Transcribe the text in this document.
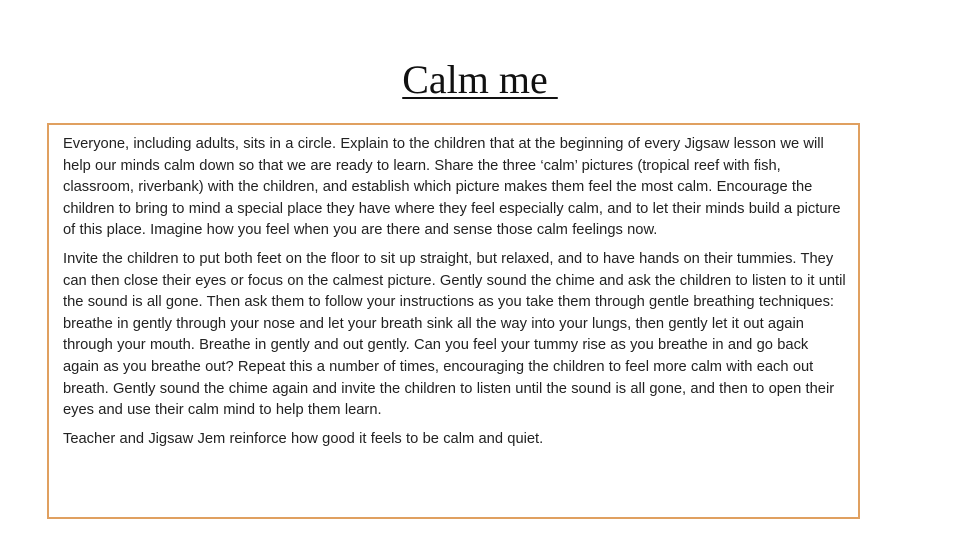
Calm me

Everyone, including adults, sits in a circle. Explain to the children that at the beginning of every Jigsaw lesson we will help our minds calm down so that we are ready to learn. Share the three ‘calm’ pictures (tropical reef with fish, classroom, riverbank) with the children, and establish which picture makes them feel the most calm. Encourage the children to bring to mind a special place they have where they feel especially calm, and to let their minds build a picture of this place. Imagine how you feel when you are there and sense those calm feelings now.

Invite the children to put both feet on the floor to sit up straight, but relaxed, and to have hands on their tummies. They can then close their eyes or focus on the calmest picture. Gently sound the chime and ask the children to listen to it until the sound is all gone. Then ask them to follow your instructions as you take them through gentle breathing techniques: breathe in gently through your nose and let your breath sink all the way into your lungs, then gently let it out again through your mouth. Breathe in gently and out gently. Can you feel your tummy rise as you breathe in and go back again as you breathe out? Repeat this a number of times, encouraging the children to feel more calm with each out breath. Gently sound the chime again and invite the children to listen until the sound is all gone, and then to open their eyes and use their calm mind to help them learn.

Teacher and Jigsaw Jem reinforce how good it feels to be calm and quiet.
